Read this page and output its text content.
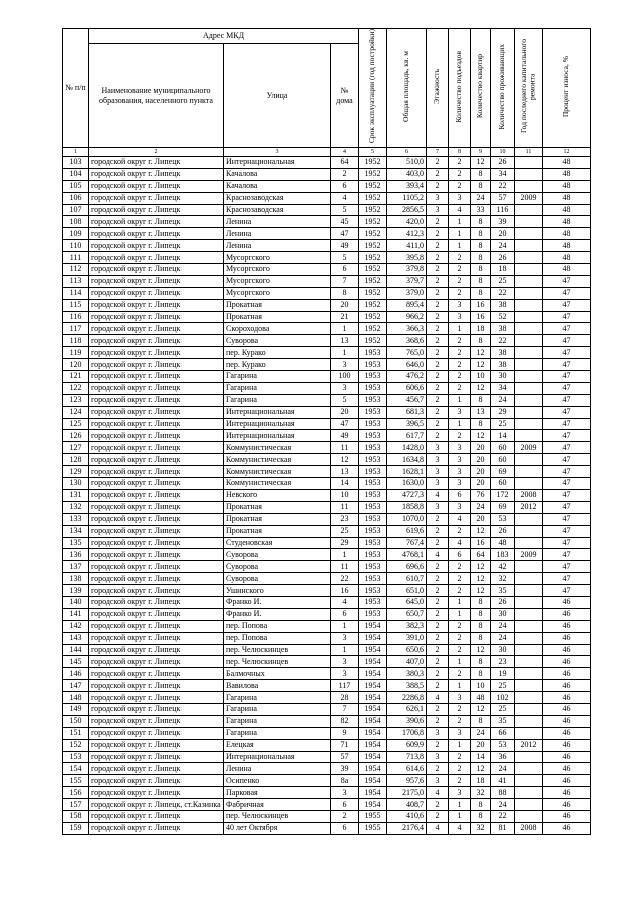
№ п/п	Адрес МКД			Срок эксплуатации (год постройки)	Общая площадь, кв. м	Этажность	Количество подъездов	Количество квартир	Количество проживающих	Год последнего капитального ремонта	Процент износа, %
	Наименование муниципального образования, населенного пункта	Улица	№ дома								
1	2	3	4	5	6	7	8	9	10	11	12
103	городской округ г. Липецк	Интернациональная	64	1952	510,0	2	2	12	26		48
104	городской округ г. Липецк	Качалова	2	1952	403,0	2	2	8	34		48
105	городской округ г. Липецк	Качалова	6	1952	393,4	2	2	8	22		48
106	городской округ г. Липецк	Краснозаводская	4	1952	1105,2	3	3	24	57	2009	48
107	городской округ г. Липецк	Краснозаводская	5	1952	2856,5	3	4	33	116		48
108	городской округ г. Липецк	Ленина	45	1952	420,0	2	1	8	39		48
109	городской округ г. Липецк	Ленина	47	1952	412,3	2	1	8	20		48
110	городской округ г. Липецк	Ленина	49	1952	411,0	2	1	8	24		48
111	городской округ г. Липецк	Мусоргского	5	1952	395,8	2	2	8	26		48
112	городской округ г. Липецк	Мусоргского	6	1952	379,8	2	2	8	18		48
113	городской округ г. Липецк	Мусоргского	7	1952	379,7	2	2	8	25		47
114	городской округ г. Липецк	Мусоргского	8	1952	379,0	2	2	8	22		47
115	городской округ г. Липецк	Прокатная	20	1952	895,4	2	3	16	38		47
116	городской округ г. Липецк	Прокатная	21	1952	966,2	2	3	16	52		47
117	городской округ г. Липецк	Скороходова	1	1952	366,3	2	1	18	38		47
118	городской округ г. Липецк	Суворова	13	1952	368,6	2	2	8	22		47
119	городской округ г. Липецк	пер. Курако	1	1953	765,0	2	2	12	38		47
120	городской округ г. Липецк	пер. Курако	3	1953	646,0	2	2	12	38		47
121	городской округ г. Липецк	Гагарина	100	1953	476,2	2	2	10	30		47
122	городской округ г. Липецк	Гагарина	3	1953	606,6	2	2	12	34		47
123	городской округ г. Липецк	Гагарина	5	1953	456,7	2	1	8	24		47
124	городской округ г. Липецк	Интернациональная	20	1953	681,3	2	3	13	29		47
125	городской округ г. Липецк	Интернациональная	47	1953	396,5	2	1	8	25		47
126	городской округ г. Липецк	Интернациональная	49	1953	617,7	2	2	12	14		47
127	городской округ г. Липецк	Коммунистическая	11	1953	1428,0	3	3	20	60	2009	47
128	городской округ г. Липецк	Коммунистическая	12	1953	1634,8	3	3	20	60		47
129	городской округ г. Липецк	Коммунистическая	13	1953	1628,1	3	3	20	69		47
130	городской округ г. Липецк	Коммунистическая	14	1953	1630,0	3	3	20	60		47
131	городской округ г. Липецк	Невского	10	1953	4727,3	4	6	76	172	2008	47
132	городской округ г. Липецк	Прокатная	11	1953	1858,8	3	3	24	69	2012	47
133	городской округ г. Липецк	Прокатная	23	1953	1070,0	2	4	20	53		47
134	городской округ г. Липецк	Прокатная	25	1953	619,6	2	2	12	26		47
135	городской округ г. Липецк	Студеновская	29	1953	767,4	2	4	16	48		47
136	городской округ г. Липецк	Суворова	1	1953	4768,1	4	6	64	183	2009	47
137	городской округ г. Липецк	Суворова	11	1953	696,6	2	2	12	42		47
138	городской округ г. Липецк	Суворова	22	1953	610,7	2	2	12	32		47
139	городской округ г. Липецк	Ушинского	16	1953	651,0	2	2	12	35		47
140	городской округ г. Липецк	Франко И.	4	1953	645,0	2	1	8	26		46
141	городской округ г. Липецк	Франко И.	6	1953	650,7	2	1	8	30		46
142	городской округ г. Липецк	пер. Попова	1	1954	382,3	2	2	8	24		46
143	городской округ г. Липецк	пер. Попова	3	1954	391,0	2	2	8	24		46
144	городской округ г. Липецк	пер. Челюскинцев	1	1954	650,6	2	2	12	30		46
145	городской округ г. Липецк	пер. Челюскинцев	3	1954	407,0	2	1	8	23		46
146	городской округ г. Липецк	Балмочных	3	1954	380,3	2	2	8	19		46
147	городской округ г. Липецк	Вавилова	117	1954	388,5	2	1	10	25		46
148	городской округ г. Липецк	Гагарина	28	1954	2286,8	4	3	48	102		46
149	городской округ г. Липецк	Гагарина	7	1954	626,1	2	2	12	25		46
150	городской округ г. Липецк	Гагарина	82	1954	390,6	2	2	8	35		46
151	городской округ г. Липецк	Гагарина	9	1954	1706,8	3	3	24	66		46
152	городской округ г. Липецк	Елецкая	71	1954	609,9	2	1	20	53	2012	46
153	городской округ г. Липецк	Интернациональная	57	1954	713,8	3	2	14	36		46
154	городской округ г. Липецк	Ленина	39	1954	614,6	2	2	12	24		46
155	городской округ г. Липецк	Осипенко	8а	1954	957,6	3	2	18	41		46
156	городской округ г. Липецк	Парковая	3	1954	2175,0	4	3	32	88		46
157	городской округ г. Липецк, ст.Казинка	Фабричная	6	1954	408,7	2	1	8	24		46
158	городской округ г. Липецк	пер. Челюскинцев	2	1955	410,6	2	1	8	22		46
159	городской округ г. Липецк	40 лет Октября	6	1955	2176,4	4	4	32	81	2008	46
